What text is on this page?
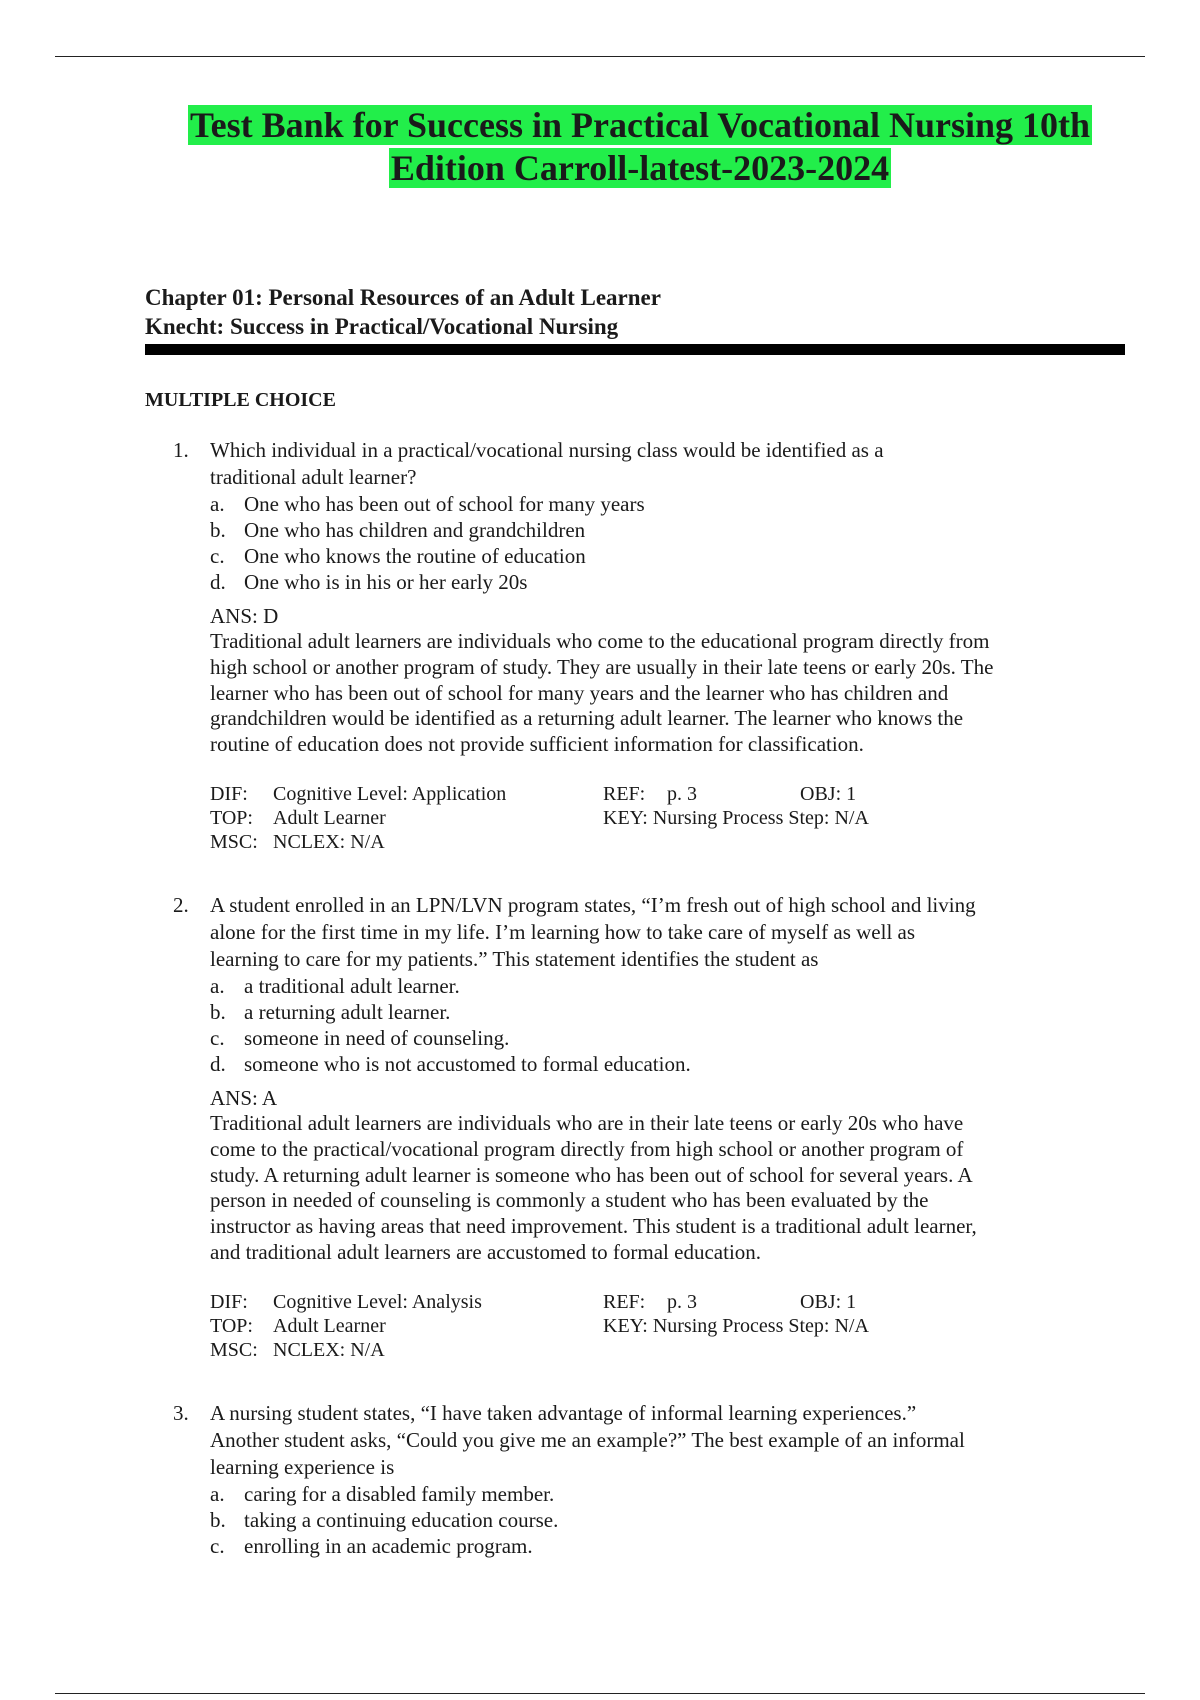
Test Bank for Success in Practical Vocational Nursing 10th
Edition Carroll-latest-2023-2024
Chapter 01: Personal Resources of an Adult Learner
Knecht: Success in Practical/Vocational Nursing
MULTIPLE CHOICE
1. Which individual in a practical/vocational nursing class would be identified as a
traditional adult learner?
a. One who has been out of school for many years
b. One who has children and grandchildren
c. One who knows the routine of education
d. One who is in his or her early 20s
ANS: D
Traditional adult learners are individuals who come to the educational program directly from
high school or another program of study. They are usually in their late teens or early 20s. The
learner who has been out of school for many years and the learner who has children and
grandchildren would be identified as a returning adult learner. The learner who knows the
routine of education does not provide sufficient information for classification.
DIF: Cognitive Level: Application	REF: p. 3	OBJ: 1
TOP: Adult Learner	KEY: Nursing Process Step: N/A
MSC: NCLEX: N/A
2. A student enrolled in an LPN/LVN program states, “I’m fresh out of high school and living
alone for the first time in my life. I’m learning how to take care of myself as well as
learning to care for my patients.” This statement identifies the student as
a. a traditional adult learner.
b. a returning adult learner.
c. someone in need of counseling.
d. someone who is not accustomed to formal education.
ANS: A
Traditional adult learners are individuals who are in their late teens or early 20s who have
come to the practical/vocational program directly from high school or another program of
study. A returning adult learner is someone who has been out of school for several years. A
person in needed of counseling is commonly a student who has been evaluated by the
instructor as having areas that need improvement. This student is a traditional adult learner,
and traditional adult learners are accustomed to formal education.
DIF: Cognitive Level: Analysis	REF: p. 3	OBJ: 1
TOP: Adult Learner	KEY: Nursing Process Step: N/A
MSC: NCLEX: N/A
3. A nursing student states, “I have taken advantage of informal learning experiences.”
Another student asks, “Could you give me an example?” The best example of an informal
learning experience is
a. caring for a disabled family member.
b. taking a continuing education course.
c. enrolling in an academic program.
